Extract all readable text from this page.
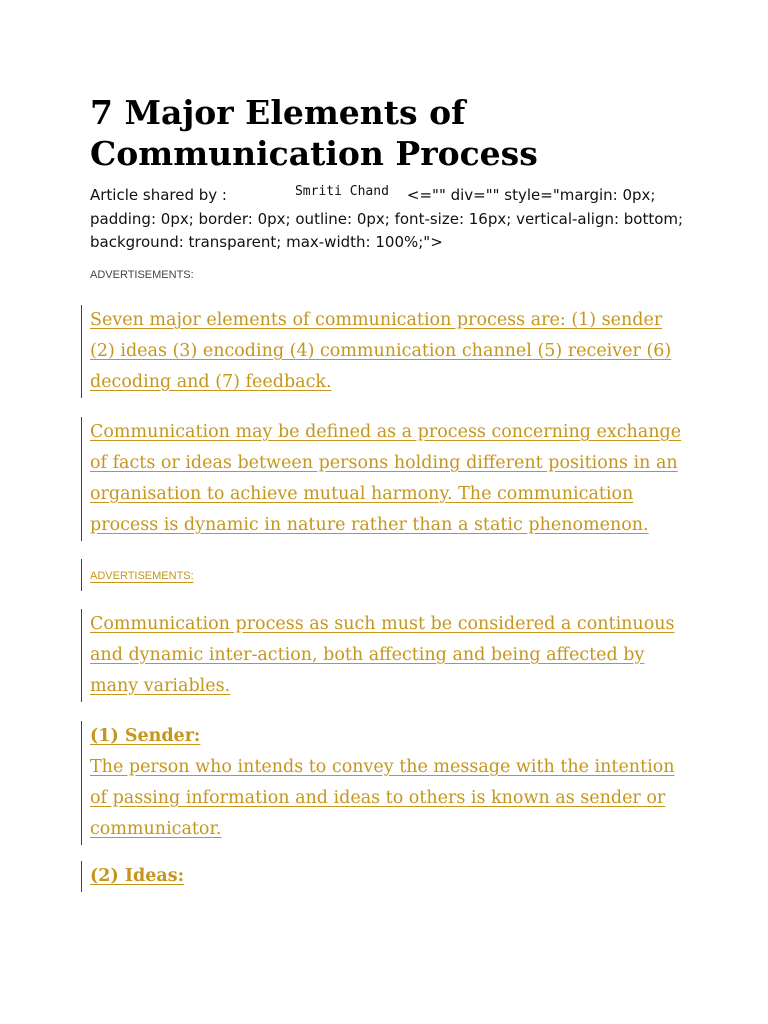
7 Major Elements of Communication Process
Article shared by :	Smriti Chand <="" div="" style="margin: 0px; padding: 0px; border: 0px; outline: 0px; font-size: 16px; vertical-align: bottom; background: transparent; max-width: 100%;">
ADVERTISEMENTS:
Seven major elements of communication process are: (1) sender (2) ideas (3) encoding (4) communication channel (5) receiver (6) decoding and (7) feedback.
Communication may be defined as a process concerning exchange of facts or ideas between persons holding different positions in an organisation to achieve mutual harmony. The communication process is dynamic in nature rather than a static phenomenon.
ADVERTISEMENTS:
Communication process as such must be considered a continuous and dynamic inter-action, both affecting and being affected by many variables.
(1) Sender:
The person who intends to convey the message with the intention of passing information and ideas to others is known as sender or communicator.
(2) Ideas:
